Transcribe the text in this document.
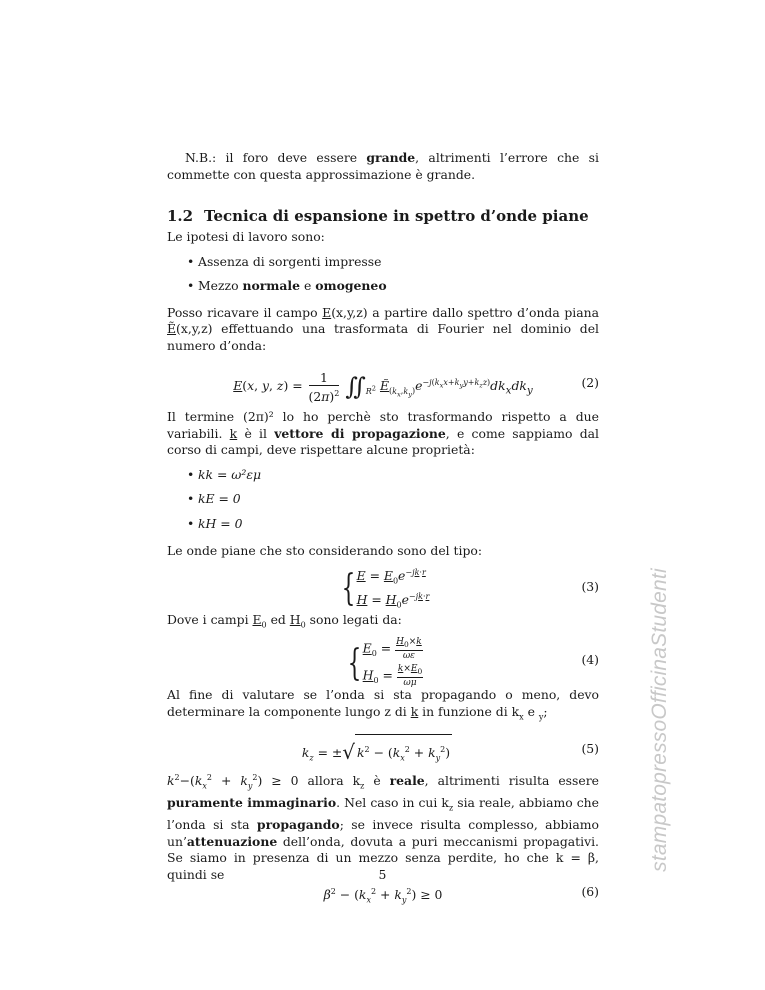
N.B.: il foro deve essere grande, altrimenti l’errore che si commette con questa approssimazione è grande.

1.2 Tecnica di espansione in spettro d’onde piane

Le ipotesi di lavoro sono:

• Assenza di sorgenti impresse
• Mezzo normale e omogeneo

Posso ricavare il campo E(x,y,z) a partire dallo spettro d’onda piana Ẽ(x,y,z) effettuando una trasformata di Fourier nel dominio del numero d’onda:

E(x, y, $z) = \frac{1}{(2\pi)^2}$ $∬_{R^2}$ $Ẽ_{(k_x,k_y)}e^{-j(k_xx+k_yy+k_zz)}dk_xdk_y$
(2)

Il termine (2π)² lo ho perchè sto trasformando rispetto a due variabili. k è il vettore di propagazione, e come sappiamo dal corso di campi, deve rispettare alcune proprietà:

• kk = ω²εμ
• kE = 0
• kH = 0

Le onde piane che sto considerando sono del tipo:

{ $E = E_0e^{-jk\cdot r}$
$H = H_0e^{-jk\cdot r}$
(3)

Dove i campi $E_0$ ed $H_0$ sono legati da:

{ $E_0 = \frac{H_0\times k}{\omega\varepsilon}$
$H_0 = \frac{k\times E_0}{\omega\mu}$
(4)

Al fine di valutare se l’onda si sta propagando o meno, devo determinare la componente lungo z di k in funzione di $k_x$ e $_y$;

$k_z$ = ±√ $k^2 - (k_x^2 + k_y^2)$	(5)

$k^2-(k_x^2 + k_y^2) \ge 0$ allora $k_z$ è reale, altrimenti risulta essere puramente immaginario. Nel caso in cui $k_z$ sia reale, abbiamo che l’onda si sta propagando; se invece risulta complesso, abbiamo un’attenuazione dell’onda, dovuta a puri meccanismi propagativi. Se siamo in presenza di un mezzo senza perdite, ho che k = β, quindi se

$\beta^2 - (k_x^2 + k_y^2) \ge 0$	(6)
5
stampatopressoOfficinaStudenti
